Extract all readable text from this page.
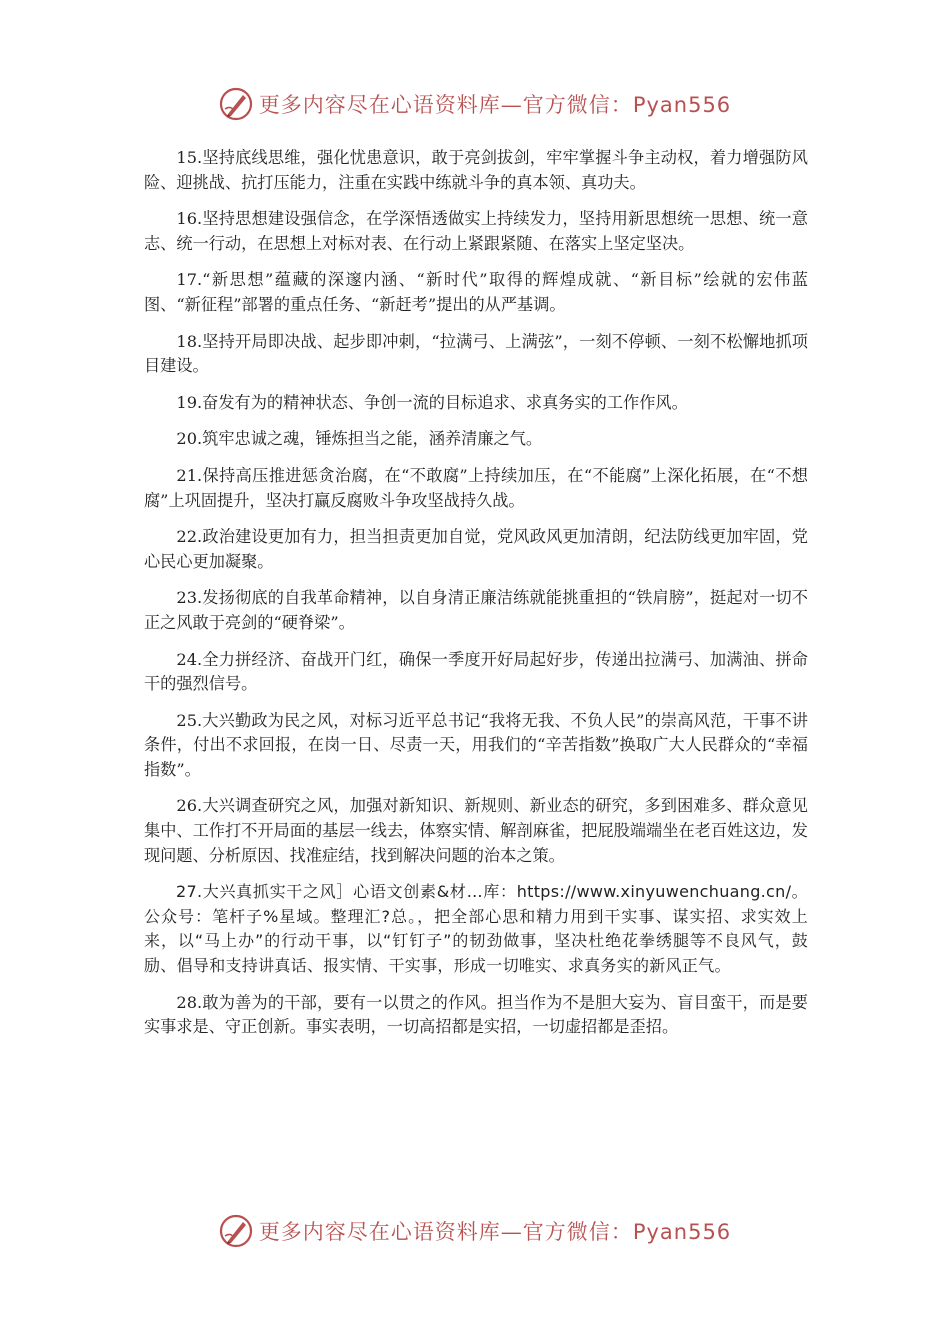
更多内容尽在心语资料库—官方微信：Pyan556

15.坚持底线思维，强化忧患意识，敢于亮剑拔剑，牢牢掌握斗争主动权，着力增强防风险、迎挑战、抗打压能力，注重在实践中练就斗争的真本领、真功夫。

16.坚持思想建设强信念，在学深悟透做实上持续发力，坚持用新思想统一思想、统一意志、统一行动，在思想上对标对表、在行动上紧跟紧随、在落实上坚定坚决。

17.“新思想”蕴藏的深邃内涵、“新时代”取得的辉煌成就、“新目标”绘就的宏伟蓝图、“新征程”部署的重点任务、“新赶考”提出的从严基调。

18.坚持开局即决战、起步即冲刺，“拉满弓、上满弦”，一刻不停顿、一刻不松懈地抓项目建设。

19.奋发有为的精神状态、争创一流的目标追求、求真务实的工作作风。

20.筑牢忠诚之魂，锤炼担当之能，涵养清廉之气。

21.保持高压推进惩贪治腐，在“不敢腐”上持续加压，在“不能腐”上深化拓展，在“不想腐”上巩固提升，坚决打赢反腐败斗争攻坚战持久战。

22.政治建设更加有力，担当担责更加自觉，党风政风更加清朗，纪法防线更加牢固，党心民心更加凝聚。

23.发扬彻底的自我革命精神，以自身清正廉洁练就能挑重担的“铁肩膀”，挺起对一切不正之风敢于亮剑的“硬脊梁”。

24.全力拼经济、奋战开门红，确保一季度开好局起好步，传递出拉满弓、加满油、拼命干的强烈信号。

25.大兴勤政为民之风，对标习近平总书记“我将无我、不负人民”的崇高风范，干事不讲条件，付出不求回报，在岗一日、尽责一天，用我们的“辛苦指数”换取广大人民群众的“幸福指数”。

26.大兴调查研究之风，加强对新知识、新规则、新业态的研究，多到困难多、群众意见集中、工作打不开局面的基层一线去，体察实情、解剖麻雀，把屁股端端坐在老百姓这边，发现问题、分析原因、找准症结，找到解决问题的治本之策。

27.大兴真抓实干之风］心语文创素&材…库：https://www.xinyuwenchuang.cn/。公众号：笔杆子%星域。整理汇?总。，把全部心思和精力用到干实事、谋实招、求实效上来，以“马上办”的行动干事，以“钉钉子”的韧劲做事，坚决杜绝花拳绣腿等不良风气，鼓励、倡导和支持讲真话、报实情、干实事，形成一切唯实、求真务实的新风正气。

28.敢为善为的干部，要有一以贯之的作风。担当作为不是胆大妄为、盲目蛮干，而是要实事求是、守正创新。事实表明，一切高招都是实招，一切虚招都是歪招。

更多内容尽在心语资料库—官方微信：Pyan556
